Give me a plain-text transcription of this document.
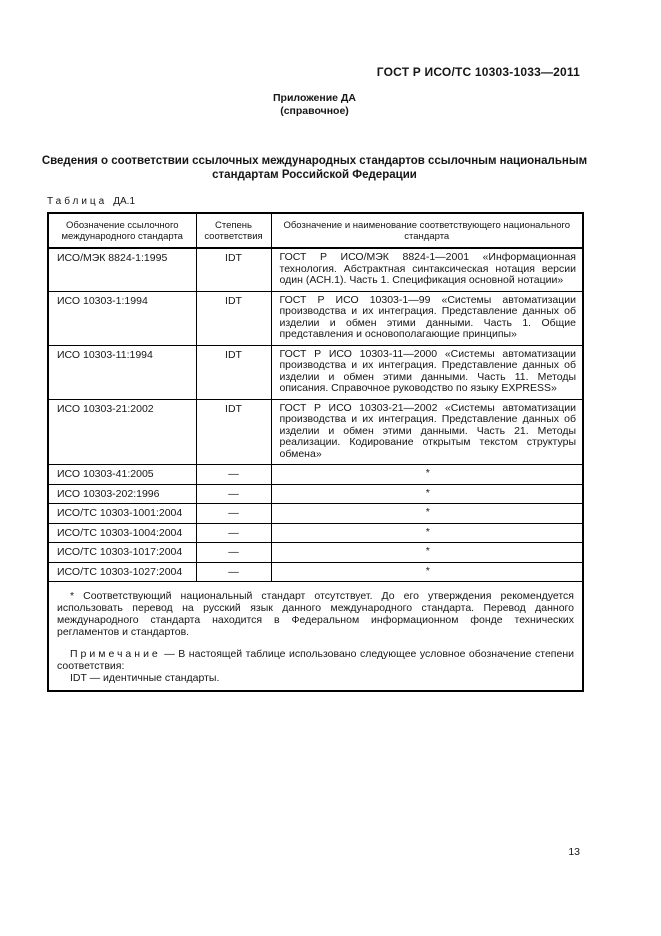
ГОСТ Р ИСО/ТС 10303-1033—2011
Приложение ДА
(справочное)
Сведения о соответствии ссылочных международных стандартов ссылочным национальным стандартам Российской Федерации
Таблица ДА.1
Обозначение ссылочного международного стандарта	Степень соответствия	Обозначение и наименование соответствующего национального стандарта
ИСО/МЭК 8824-1:1995	IDT	ГОСТ Р ИСО/МЭК 8824-1—2001 «Информационная технология. Абстрактная синтаксическая нотация версии один (АСН.1). Часть 1. Спецификация основной нотации»
ИСО 10303-1:1994	IDT	ГОСТ Р ИСО 10303-1—99 «Системы автоматизации производства и их интеграция. Представление данных об изделии и обмен этими данными. Часть 1. Общие представления и основополагающие принципы»
ИСО 10303-11:1994	IDT	ГОСТ Р ИСО 10303-11—2000 «Системы автоматизации производства и их интеграция. Представление данных об изделии и обмен этими данными. Часть 11. Методы описания. Справочное руководство по языку EXPRESS»
ИСО 10303-21:2002	IDT	ГОСТ Р ИСО 10303-21—2002 «Системы автоматизации производства и их интеграция. Представление данных об изделии и обмен этими данными. Часть 21. Методы реализации. Кодирование открытым текстом структуры обмена»
ИСО 10303-41:2005	—	*
ИСО 10303-202:1996	—	*
ИСО/ТС 10303-1001:2004	—	*
ИСО/ТС 10303-1004:2004	—	*
ИСО/ТС 10303-1017:2004	—	*
ИСО/ТС 10303-1027:2004	—	*

* Соответствующий национальный стандарт отсутствует. До его утверждения рекомендуется использовать перевод на русский язык данного международного стандарта. Перевод данного международного стандарта находится в Федеральном информационном фонде технических регламентов и стандартов.
Примечание — В настоящей таблице использовано следующее условное обозначение степени соответствия:
IDT — идентичные стандарты.		
13
